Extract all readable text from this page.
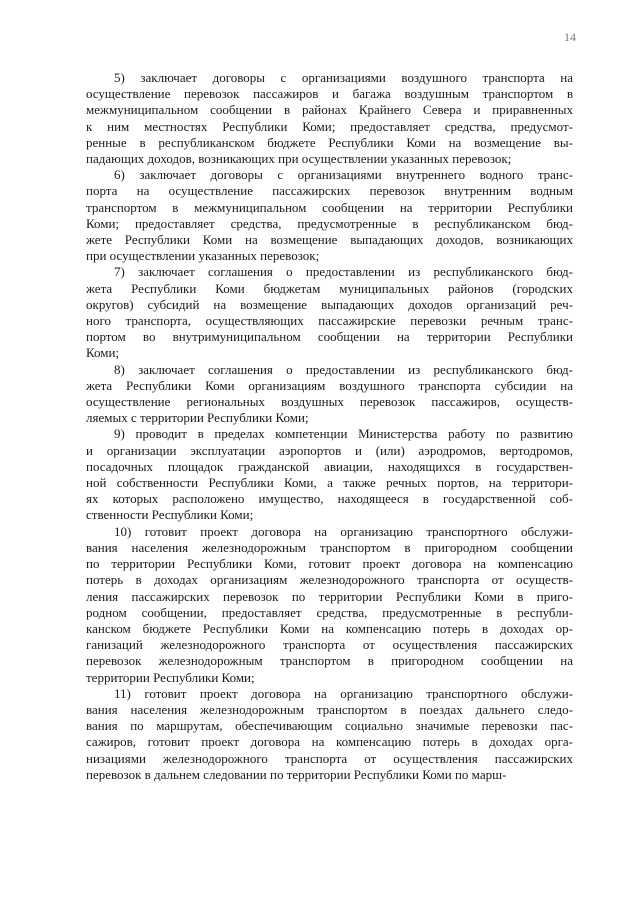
14

5) заключает договоры с организациями воздушного транспорта на
осуществление перевозок пассажиров и багажа воздушным транспортом в
межмуниципальном сообщении в районах Крайнего Севера и приравненных
к ним местностях Республики Коми; предоставляет средства, предусмот-
ренные в республиканском бюджете Республики Коми на возмещение вы-
падающих доходов, возникающих при осуществлении указанных перевозок;

6) заключает договоры с организациями внутреннего водного транс-
порта на осуществление пассажирских перевозок внутренним водным
транспортом в межмуниципальном сообщении на территории Республики
Коми; предоставляет средства, предусмотренные в республиканском бюд-
жете Республики Коми на возмещение выпадающих доходов, возникающих
при осуществлении указанных перевозок;

7) заключает соглашения о предоставлении из республиканского бюд-
жета Республики Коми бюджетам муниципальных районов (городских
округов) субсидий на возмещение выпадающих доходов организаций реч-
ного транспорта, осуществляющих пассажирские перевозки речным транс-
портом во внутримуниципальном сообщении на территории Республики
Коми;

8) заключает соглашения о предоставлении из республиканского бюд-
жета Республики Коми организациям воздушного транспорта субсидии на
осуществление региональных воздушных перевозок пассажиров, осуществ-
ляемых с территории Республики Коми;

9) проводит в пределах компетенции Министерства работу по развитию
и организации эксплуатации аэропортов и (или) аэродромов, вертодромов,
посадочных площадок гражданской авиации, находящихся в государствен-
ной собственности Республики Коми, а также речных портов, на территори-
ях которых расположено имущество, находящееся в государственной соб-
ственности Республики Коми;

10) готовит проект договора на организацию транспортного обслужи-
вания населения железнодорожным транспортом в пригородном сообщении
по территории Республики Коми, готовит проект договора на компенсацию
потерь в доходах организациям железнодорожного транспорта от осуществ-
ления пассажирских перевозок по территории Республики Коми в приго-
родном сообщении, предоставляет средства, предусмотренные в республи-
канском бюджете Республики Коми на компенсацию потерь в доходах ор-
ганизаций железнодорожного транспорта от осуществления пассажирских
перевозок железнодорожным транспортом в пригородном сообщении на
территории Республики Коми;

11) готовит проект договора на организацию транспортного обслужи-
вания населения железнодорожным транспортом в поездах дальнего следо-
вания по маршрутам, обеспечивающим социально значимые перевозки пас-
сажиров, готовит проект договора на компенсацию потерь в доходах орга-
низациями железнодорожного транспорта от осуществления пассажирских
перевозок в дальнем следовании по территории Республики Коми по марш-
